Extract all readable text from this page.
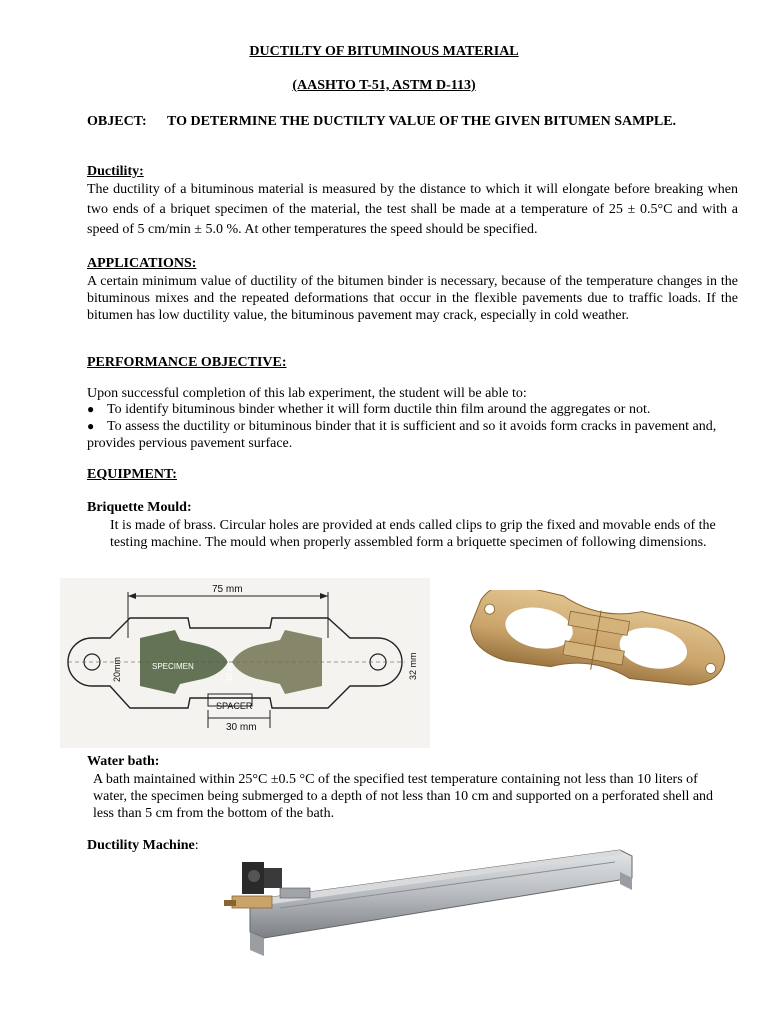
DUCTILTY OF BITUMINOUS MATERIAL
(AASHTO T-51, ASTM D-113)
OBJECT:	TO DETERMINE THE DUCTILTY VALUE OF THE GIVEN BITUMEN SAMPLE.
Ductility:
The ductility of a bituminous material is measured by the distance to which it will elongate before breaking when two ends of a briquet specimen of the material, the test shall be made at a temperature of 25 ± 0.5°C and with a speed of 5 cm/min ± 5.0 %. At other temperatures the speed should be specified.
APPLICATIONS:
A certain minimum value of ductility of the bitumen binder is necessary, because of the temperature changes in the bituminous mixes and the repeated deformations that occur in the flexible pavements due to traffic loads. If the bitumen has low ductility value, the bituminous pavement may crack, especially in cold weather.
PERFORMANCE OBJECTIVE:
Upon successful completion of this lab experiment, the student will be able to:
● To identify bituminous binder whether it will form ductile thin film around the aggregates or not.
● To assess the ductility or bituminous binder that it is sufficient and so it avoids form cracks in pavement and, provides pervious pavement surface.
EQUIPMENT:
Briquette Mould:
It is made of brass. Circular holes are provided at ends called clips to grip the fixed and movable ends of the testing machine. The mould when properly assembled form a briquette specimen of following dimensions.
75 mm
SPECIMEN
SPACER
30 mm
20mm	10 mm	32 mm
Water bath:
A bath maintained within 25°C ±0.5 °C of the specified test temperature containing not less than 10 liters of water, the specimen being submerged to a depth of not less than 10 cm and supported on a perforated shell and less than 5 cm from the bottom of the bath.
Ductility Machine:
